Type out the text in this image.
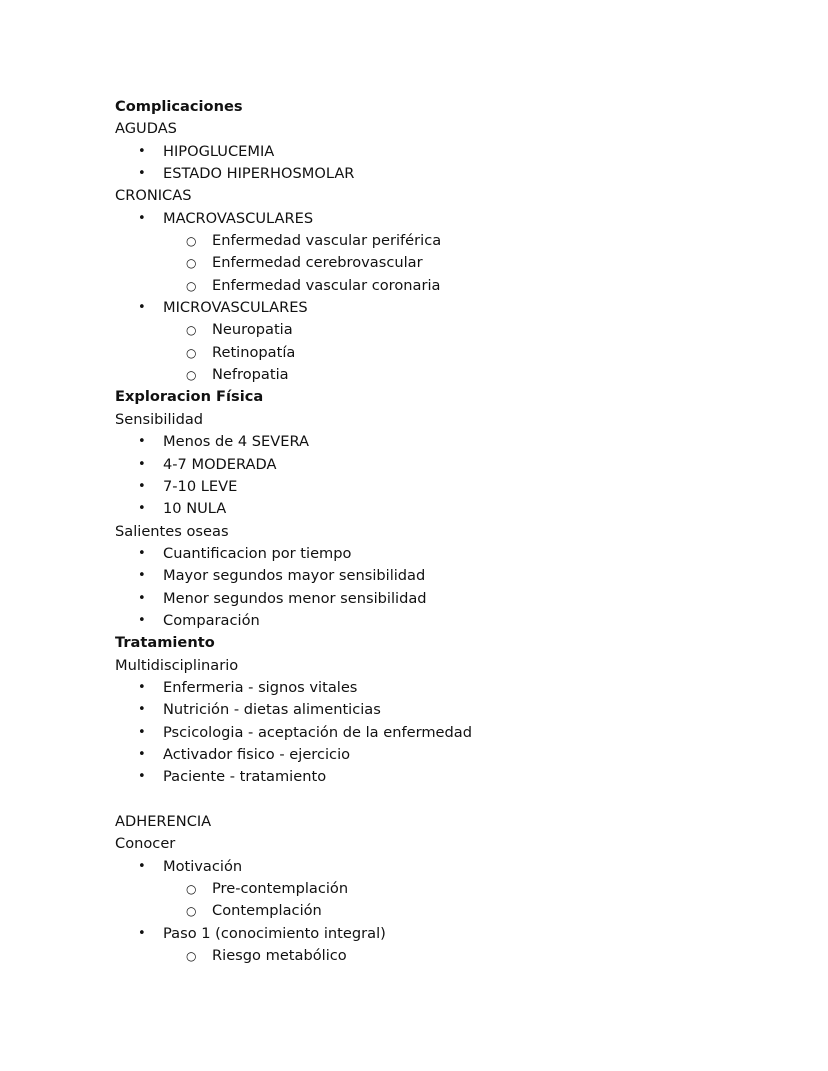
Complicaciones
AGUDAS
• HIPOGLUCEMIA
• ESTADO HIPERHOSMOLAR
CRONICAS
• MACROVASCULARES
○ Enfermedad vascular periférica
○ Enfermedad cerebrovascular
○ Enfermedad vascular coronaria
• MICROVASCULARES
○ Neuropatia
○ Retinopatía
○ Nefropatia
Exploracion Física
Sensibilidad
• Menos de 4 SEVERA
• 4-7 MODERADA
• 7-10 LEVE
• 10 NULA
Salientes oseas
• Cuantificacion por tiempo
• Mayor segundos mayor sensibilidad
• Menor segundos menor sensibilidad
• Comparación
Tratamiento
Multidisciplinario
• Enfermeria - signos vitales
• Nutrición - dietas alimenticias
• Pscicologia - aceptación de la enfermedad
• Activador fisico - ejercicio
• Paciente - tratamiento
ADHERENCIA
Conocer
• Motivación
○ Pre-contemplación
○ Contemplación
• Paso 1 (conocimiento integral)
○ Riesgo metabólico
